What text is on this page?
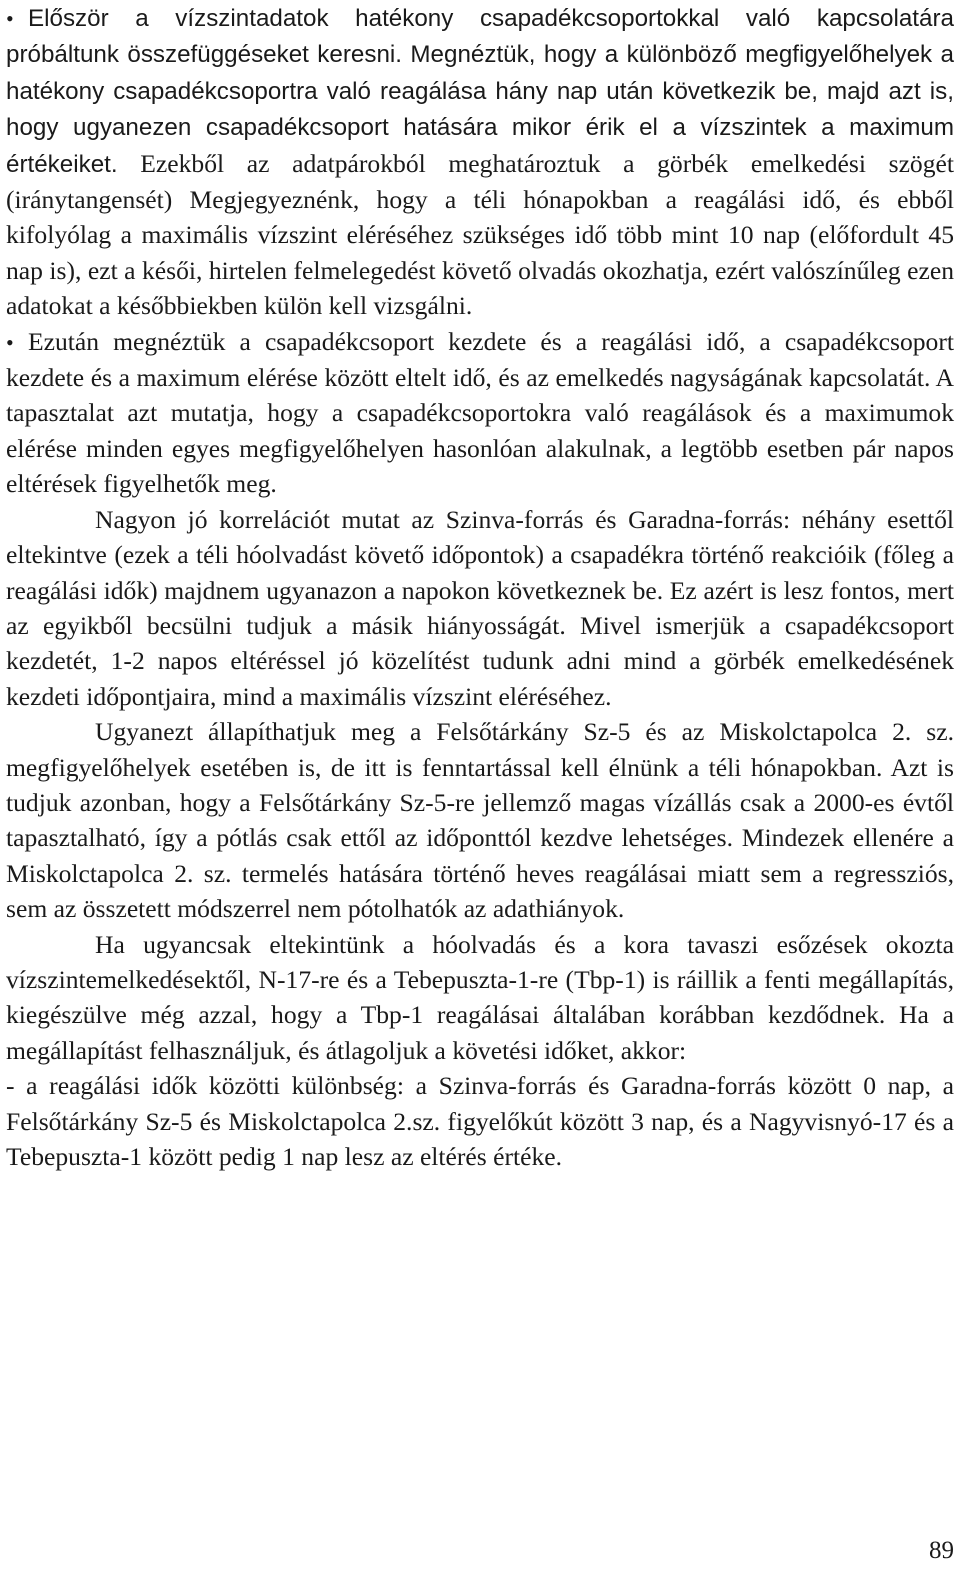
• Először a vízszintadatok hatékony csapadékcsoportokkal való kapcsolatára próbáltunk összefüggéseket keresni. Megnéztük, hogy a különböző megfigyelőhelyek a hatékony csapadékcsoportra való reagálása hány nap után következik be, majd azt is, hogy ugyanezen csapadékcsoport hatására mikor érik el a vízszintek a maximum értékeiket. Ezekből az adatpárokból meghatároztuk a görbék emelkedési szögét (iránytangensét) Megjegyeznénk, hogy a téli hónapokban a reagálási idő, és ebből kifolyólag a maximális vízszint eléréséhez szükséges idő több mint 10 nap (előfordult 45 nap is), ezt a késői, hirtelen felmelegedést követő olvadás okozhatja, ezért valószínűleg ezen adatokat a későbbiekben külön kell vizsgálni.

• Ezután megnéztük a csapadékcsoport kezdete és a reagálási idő, a csapadékcsoport kezdete és a maximum elérése között eltelt idő, és az emelkedés nagyságának kapcsolatát. A tapasztalat azt mutatja, hogy a csapadékcsoportokra való reagálások és a maximumok elérése minden egyes megfigyelőhelyen hasonlóan alakulnak, a legtöbb esetben pár napos eltérések figyelhetők meg.

Nagyon jó korrelációt mutat az Szinva-forrás és Garadna-forrás: néhány esettől eltekintve (ezek a téli hóolvadást követő időpontok) a csapadékra történő reakcióik (főleg a reagálási idők) majdnem ugyanazon a napokon következnek be. Ez azért is lesz fontos, mert az egyikből becsülni tudjuk a másik hiányosságát. Mivel ismerjük a csapadékcsoport kezdetét, 1-2 napos eltéréssel jó közelítést tudunk adni mind a görbék emelkedésének kezdeti időpontjaira, mind a maximális vízszint eléréséhez.

Ugyanezt állapíthatjuk meg a Felsőtárkány Sz-5 és az Miskolctapolca 2. sz. megfigyelőhelyek esetében is, de itt is fenntartással kell élnünk a téli hónapokban. Azt is tudjuk azonban, hogy a Felsőtárkány Sz-5-re jellemző magas vízállás csak a 2000-es évtől tapasztalható, így a pótlás csak ettől az időponttól kezdve lehetséges. Mindezek ellenére a Miskolctapolca 2. sz. termelés hatására történő heves reagálásai miatt sem a regressziós, sem az összetett módszerrel nem pótolhatók az adathiányok.

Ha ugyancsak eltekintünk a hóolvadás és a kora tavaszi esőzések okozta vízszintemelkedésektől, N-17-re és a Tebepuszta-1-re (Tbp-1) is ráillik a fenti megállapítás, kiegészülve még azzal, hogy a Tbp-1 reagálásai általában korábban kezdődnek. Ha a megállapítást felhasználjuk, és átlagoljuk a követési időket, akkor:

- a reagálási idők közötti különbség: a Szinva-forrás és Garadna-forrás között 0 nap, a Felsőtárkány Sz-5 és Miskolctapolca 2.sz. figyelőkút között 3 nap, és a Nagyvisnyó-17 és a Tebepuszta-1 között pedig 1 nap lesz az eltérés értéke.

89
